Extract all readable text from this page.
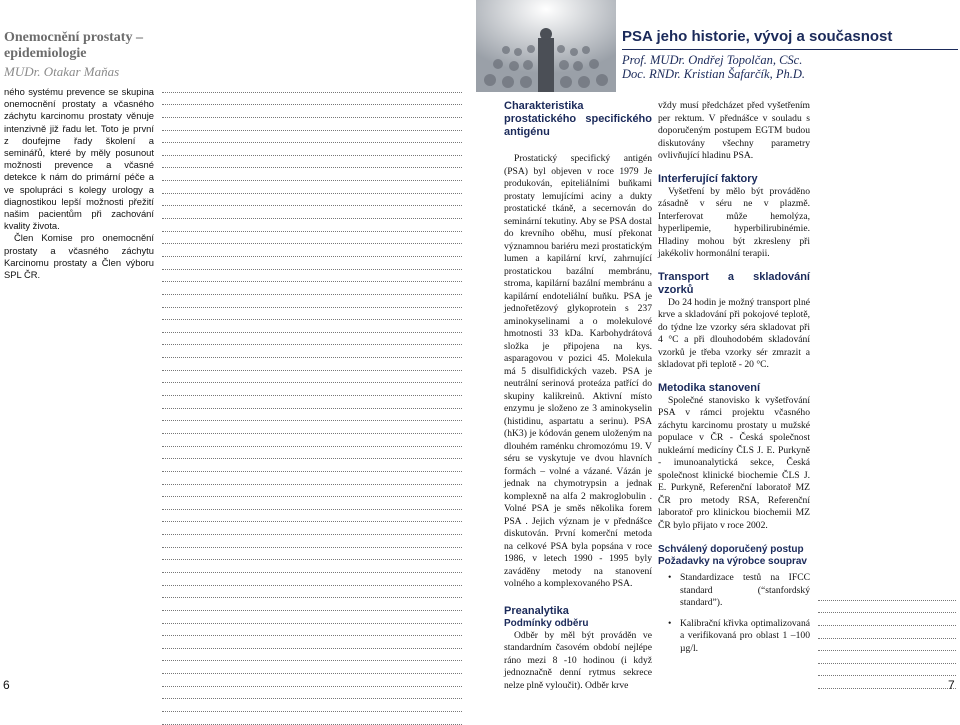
Onemocnění prostaty – epidemiologie
MUDr. Otakar Maňas

ného systému prevence se skupina onemocnění prostaty a včasného záchytu karcinomu prostaty věnuje intenzivně již řadu let. Toto je první z doufejme řady školení a seminářů, které by měly posunout možnosti prevence a včasné detekce k nám do primární péče a ve spolupráci s kolegy urology a diagnostikou lepší možnosti přežití našim pacientům při zachování kvality života.

Člen Komise pro onemocnění prostaty a včasného záchytu Karcinomu prostaty a Člen výboru SPL ČR.

6
PSA jeho historie, vývoj a současnost
Prof. MUDr. Ondřej Topolčan, CSc.
Doc. RNDr. Kristian Šafarčík, Ph.D.
Charakteristika prostatického specifického antigénu

Prostatický specifický antigén (PSA) byl objeven v roce 1979 Je produkován, epiteliálními buňkami prostaty lemujícími aciny a dukty prostatické tkáně, a secernován do seminární tekutiny. Aby se PSA dostal do krevního oběhu, musí překonat významnou bariéru mezi prostatickým lumen a kapilární krví, zahrnující prostatickou bazální membránu, stroma, kapilární bazální membránu a kapilární endoteliální buňku. PSA je jednořetězový glykoprotein s 237 aminokyselinami a o molekulové hmotnosti 33 kDa. Karbohydrátová složka je připojena na kys. asparagovou v pozici 45. Molekula má 5 disulfidických vazeb. PSA je neutrální serinová proteáza patřící do skupiny kalikreinů. Aktivní místo enzymu je složeno ze 3 aminokyselin (histidinu, aspartatu a serinu). PSA (hK3) je kódován genem uloženým na dlouhém raménku chromozómu 19. V séru se vyskytuje ve dvou hlavních formách – volné a vázané. Vázán je jednak na chymotrypsin a jednak komplexně na alfa 2 makroglobulin . Volné PSA je směs několika forem PSA . Jejich význam je v přednášce diskutován. První komerční metoda na celkové PSA byla popsána v roce 1986, v letech 1990 - 1995 byly zaváděny metody na stanovení volného a komplexovaného PSA.

Preanalytika
Podmínky odběru

Odběr by měl být prováděn ve standardním časovém období nejlépe ráno mezi 8 -10 hodinou (i když jednoznačně denní rytmus sekrece nelze plně vyloučit). Odběr krve

vždy musí předcházet před vyšetřením per rektum. V přednášce v souladu s doporučeným postupem EGTM budou diskutovány všechny parametry ovlivňující hladinu PSA.

Interferující faktory

Vyšetření by mělo být prováděno zásadně v séru ne v plazmě. Interferovat může hemolýza, hyperlipemie, hyperbilirubinémie. Hladiny mohou být zkresleny při jakékoliv hormonální terapii.

Transport a skladování vzorků

Do 24 hodin je možný transport plné krve a skladování při pokojové teplotě, do týdne lze vzorky séra skladovat při 4 °C a při dlouhodobém skladování vzorků je třeba vzorky sér zmrazit a skladovat při teplotě - 20 °C.

Metodika stanovení

Společné stanovisko k vyšetřování PSA v rámci projektu včasného záchytu karcinomu prostaty u mužské populace v ČR - Česká společnost nukleární medicíny ČLS J. E. Purkyně - imunoanalytická sekce, Česká společnost klinické biochemie ČLS J. E. Purkyně, Referenční laboratoř MZ ČR pro metody RSA, Referenční laboratoř pro klinickou biochemii MZ ČR bylo přijato v roce 2002.

Schválený doporučený postup
Požadavky na výrobce souprav
• Standardizace testů na IFCC standard (“stanfordský standard”).
• Kalibrační křivka optimalizovaná a verifikovaná pro oblast 1 –100 µg/l.
7
